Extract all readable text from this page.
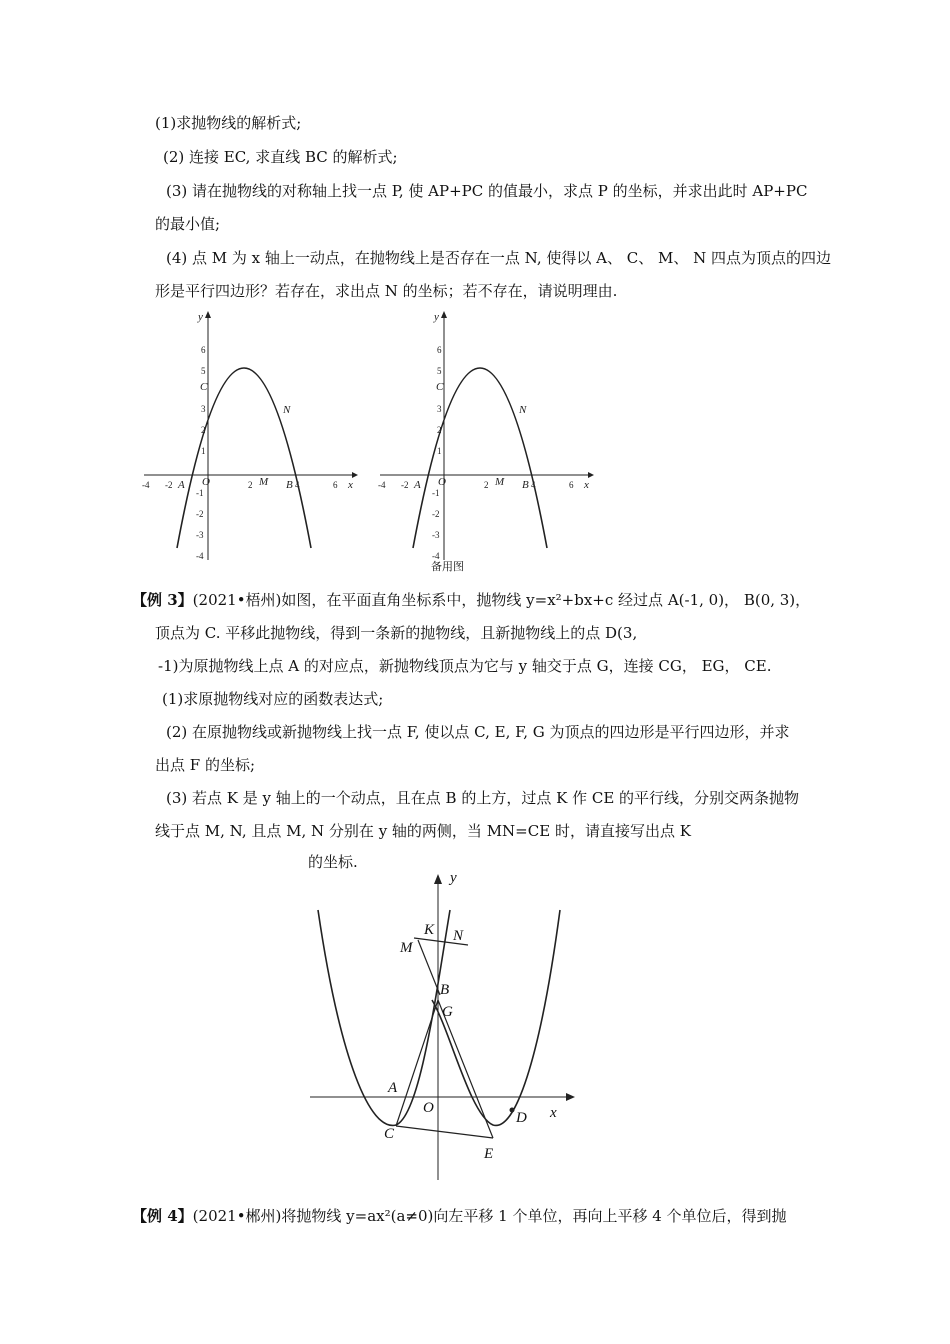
(1)求抛物线的解析式;
(2) 连接 EC, 求直线 BC 的解析式;
(3) 请在抛物线的对称轴上找一点 P, 使 AP+PC 的值最小，求点 P 的坐标，并求出此时 AP+PC
的最小值;
(4) 点 M 为 x 轴上一动点，在抛物线上是否存在一点 N, 使得以 A、 C、 M、 N 四点为顶点的四边
形是平行四边形？若存在，求出点 N 的坐标；若不存在，请说明理由.
y
x
O
A	B
C
M
N
-4 -2	2	4	6
6
5
3
2
1
-1
-2
-3
-4
y
x
O
A	B
C
M
N
-4 -2	2	4	6
6
5
3
2
1
-1
-2
-3
-4
备用图
【例 3】(2021•梧州)如图，在平面直角坐标系中，抛物线 y=x²+bx+c 经过点 A(-1, 0)， B(0, 3)，
顶点为 C. 平移此抛物线，得到一条新的抛物线，且新抛物线上的点 D(3,
-1)为原抛物线上点 A 的对应点，新抛物线顶点为它与 y 轴交于点 G，连接 CG， EG， CE.
(1)求原抛物线对应的函数表达式;
(2) 在原抛物线或新抛物线上找一点 F, 使以点 C, E, F, G 为顶点的四边形是平行四边形，并求
出点 F 的坐标;
(3) 若点 K 是 y 轴上的一个动点，且在点 B 的上方，过点 K 作 CE 的平行线，分别交两条抛物
线于点 M, N, 且点 M, N 分别在 y 轴的两侧，当 MN=CE 时，请直接写出点 K
的坐标.
y
x
K N
M
B
G
A
O
D
C
E
【例 4】(2021•郴州)将抛物线 y=ax²(a≠0)向左平移 1 个单位，再向上平移 4 个单位后，得到抛
